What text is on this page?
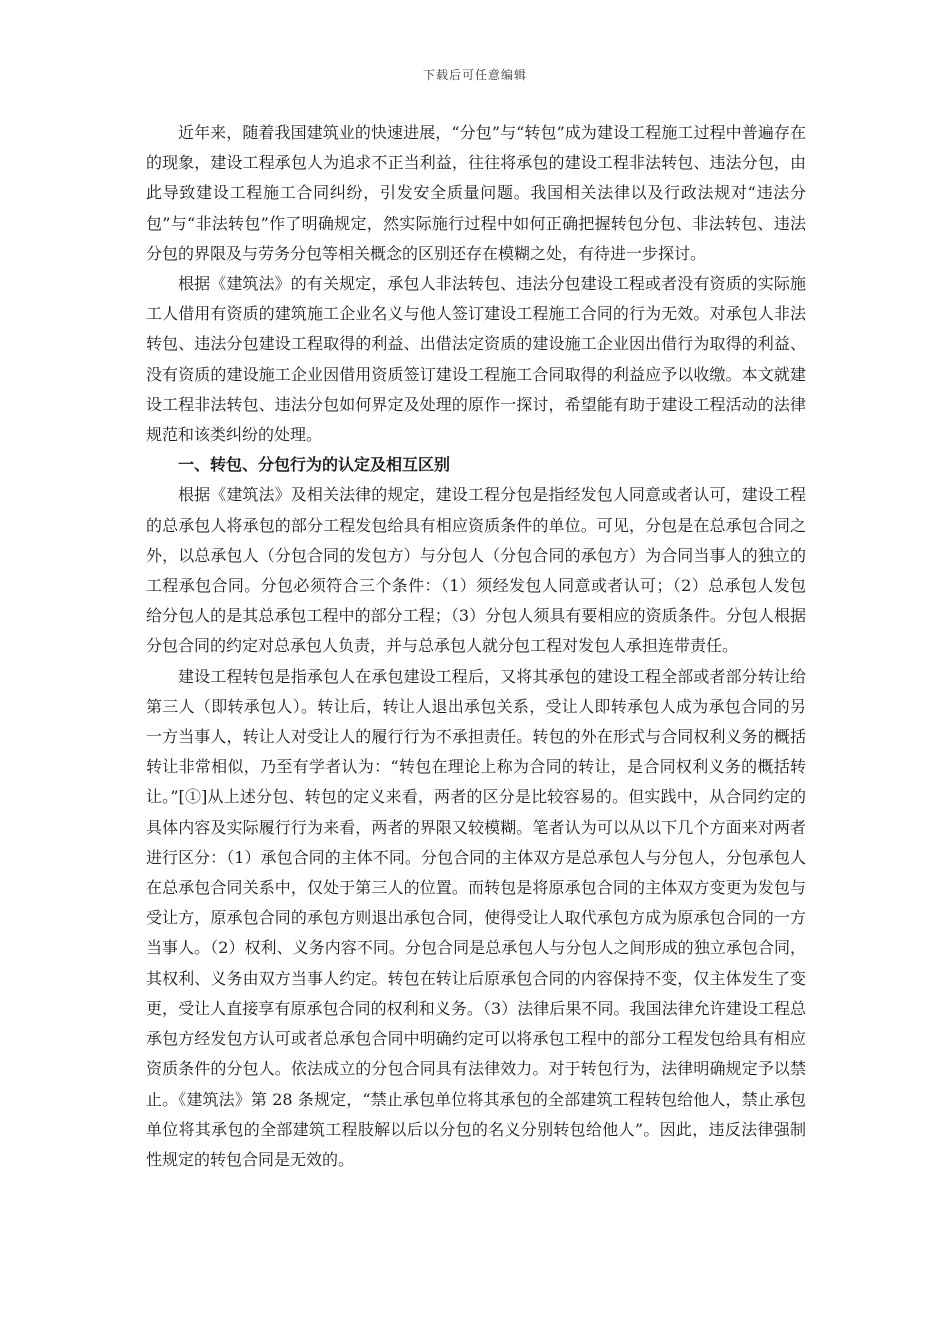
下载后可任意编辑

近年来，随着我国建筑业的快速进展，“分包”与“转包”成为建设工程施工过程中普遍存在的现象，建设工程承包人为追求不正当利益，往往将承包的建设工程非法转包、违法分包，由此导致建设工程施工合同纠纷，引发安全质量问题。我国相关法律以及行政法规对“违法分包”与“非法转包”作了明确规定，然实际施行过程中如何正确把握转包分包、非法转包、违法分包的界限及与劳务分包等相关概念的区别还存在模糊之处，有待进一步探讨。

根据《建筑法》的有关规定，承包人非法转包、违法分包建设工程或者没有资质的实际施工人借用有资质的建筑施工企业名义与他人签订建设工程施工合同的行为无效。对承包人非法转包、违法分包建设工程取得的利益、出借法定资质的建设施工企业因出借行为取得的利益、没有资质的建设施工企业因借用资质签订建设工程施工合同取得的利益应予以收缴。本文就建设工程非法转包、违法分包如何界定及处理的原作一探讨，希望能有助于建设工程活动的法律规范和该类纠纷的处理。

一、转包、分包行为的认定及相互区别

根据《建筑法》及相关法律的规定，建设工程分包是指经发包人同意或者认可，建设工程的总承包人将承包的部分工程发包给具有相应资质条件的单位。可见，分包是在总承包合同之外，以总承包人（分包合同的发包方）与分包人（分包合同的承包方）为合同当事人的独立的工程承包合同。分包必须符合三个条件：（1）须经发包人同意或者认可；（2）总承包人发包给分包人的是其总承包工程中的部分工程；（3）分包人须具有要相应的资质条件。分包人根据分包合同的约定对总承包人负责，并与总承包人就分包工程对发包人承担连带责任。

建设工程转包是指承包人在承包建设工程后，又将其承包的建设工程全部或者部分转让给第三人（即转承包人）。转让后，转让人退出承包关系，受让人即转承包人成为承包合同的另一方当事人，转让人对受让人的履行行为不承担责任。转包的外在形式与合同权利义务的概括转让非常相似，乃至有学者认为：“转包在理论上称为合同的转让，是合同权利义务的概括转让。”[①]从上述分包、转包的定义来看，两者的区分是比较容易的。但实践中，从合同约定的具体内容及实际履行行为来看，两者的界限又较模糊。笔者认为可以从以下几个方面来对两者进行区分：（1）承包合同的主体不同。分包合同的主体双方是总承包人与分包人，分包承包人在总承包合同关系中，仅处于第三人的位置。而转包是将原承包合同的主体双方变更为发包与受让方，原承包合同的承包方则退出承包合同，使得受让人取代承包方成为原承包合同的一方当事人。（2）权利、义务内容不同。分包合同是总承包人与分包人之间形成的独立承包合同，其权利、义务由双方当事人约定。转包在转让后原承包合同的内容保持不变，仅主体发生了变更，受让人直接享有原承包合同的权利和义务。（3）法律后果不同。我国法律允许建设工程总承包方经发包方认可或者总承包合同中明确约定可以将承包工程中的部分工程发包给具有相应资质条件的分包人。依法成立的分包合同具有法律效力。对于转包行为，法律明确规定予以禁止。《建筑法》第 28 条规定，“禁止承包单位将其承包的全部建筑工程转包给他人，禁止承包单位将其承包的全部建筑工程肢解以后以分包的名义分别转包给他人”。因此，违反法律强制性规定的转包合同是无效的。
